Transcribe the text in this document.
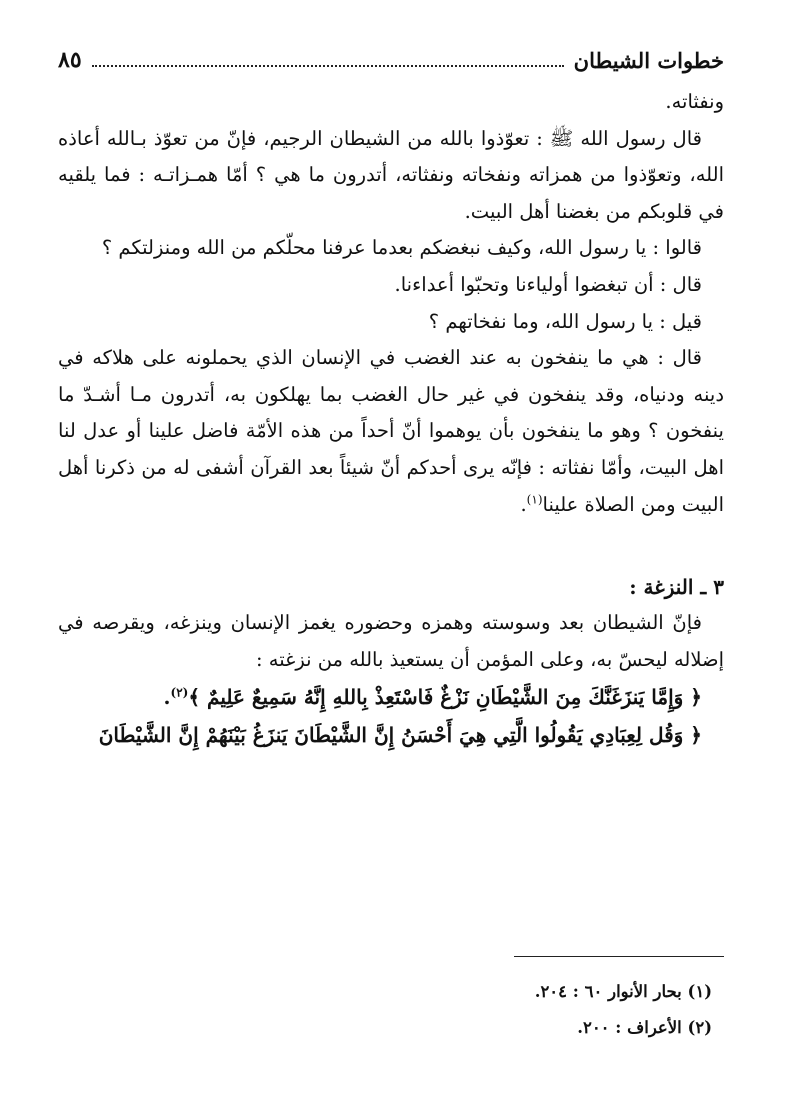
خطوات الشيطان
٨٥

ونفثاته.

قال رسول الله ﷺ : تعوّذوا بالله من الشيطان الرجيم، فإنّ من تعوّذ بـالله أعاذه الله، وتعوّذوا من همزاته ونفخاته ونفثاته، أتدرون ما هي ؟ أمّا همـزاتـه : فما يلقيه في قلوبكم من بغضنا أهل البيت.

قالوا : يا رسول الله، وكيف نبغضكم بعدما عرفنا محلّكم من الله ومنزلتكم ؟

قال : أن تبغضوا أولياءنا وتحبّوا أعداءنا.

قيل : يا رسول الله، وما نفخاتهم ؟

قال : هي ما ينفخون به عند الغضب في الإنسان الذي يحملونه على هلاكه في دينه ودنياه، وقد ينفخون في غير حال الغضب بما يهلكون به، أتدرون مـا أشـدّ ما ينفخون ؟ وهو ما ينفخون بأن يوهموا أنّ أحداً من هذه الأمّة فاضل علينا أو عدل لنا اهل البيت، وأمّا نفثاته : فإنّه يرى أحدكم أنّ شيئاً بعد القرآن أشفى له من ذكرنا أهل البيت ومن الصلاة علينا$^{(١)}$.

٣ ـ النزغة :

فإنّ الشيطان بعد وسوسته وهمزه وحضوره يغمز الإنسان وينزغه، ويقرصه في إضلاله ليحسّ به، وعلى المؤمن أن يستعيذ بالله من نزغته :

﴿ وَإِمَّا يَنزَغَنَّكَ مِنَ الشَّيْطَانِ نَزْغٌ فَاسْتَعِذْ بِاللهِ إِنَّهُ سَمِيعٌ عَلِيمٌ ﴾$^{(٢)}$.

﴿ وَقُل لِعِبَادِي يَقُولُوا الَّتِي هِيَ أَحْسَنُ إِنَّ الشَّيْطَانَ يَنزَغُ بَيْنَهُمْ إِنَّ الشَّيْطَانَ

(١) بحار الأنوار ٦٠ : ٢٠٤.

(٢) الأعراف : ٢٠٠.
